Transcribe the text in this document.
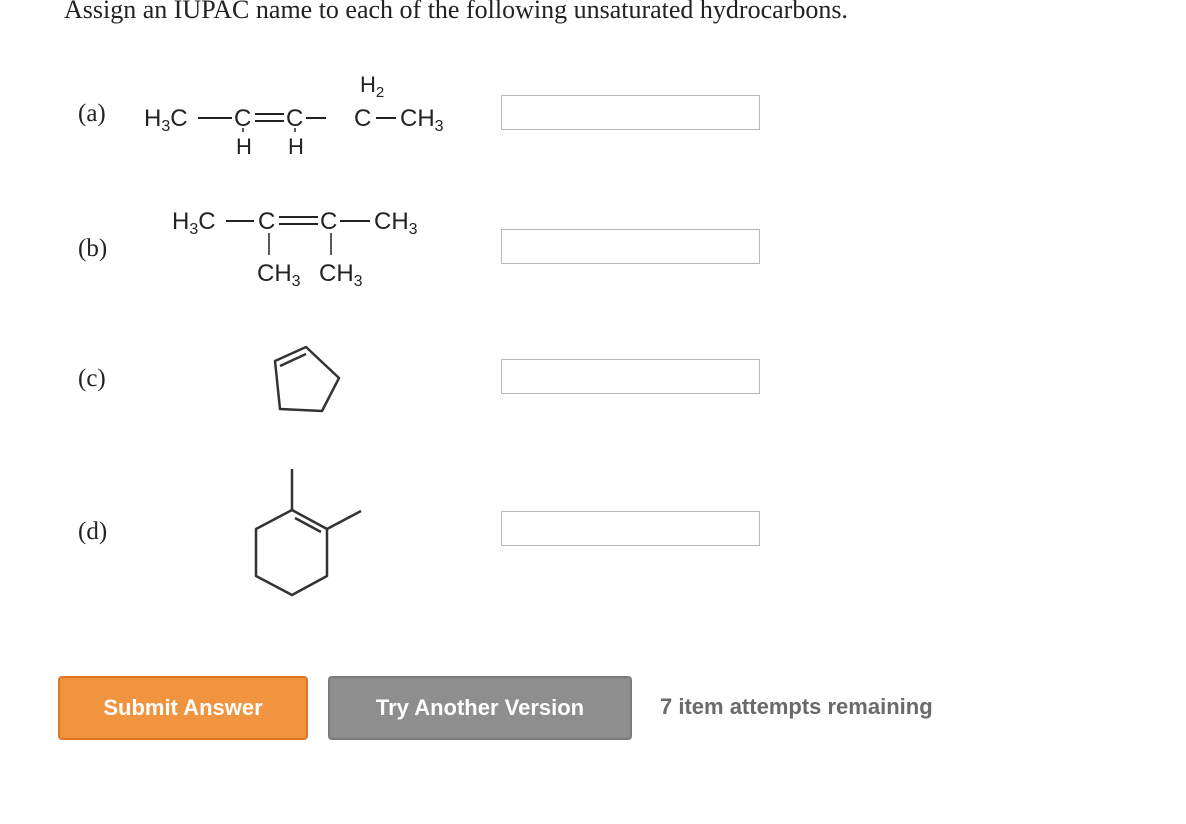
Assign an IUPAC name to each of the following unsaturated hydrocarbons.
(a)
$H_2$
$H_3C$ C C C $CH_3$
H H
(b)
$H_3C$ C C $CH_3$
$CH_3$ $CH_3$
(c)
(d)
Submit Answer	Try Another Version	7 item attempts remaining
